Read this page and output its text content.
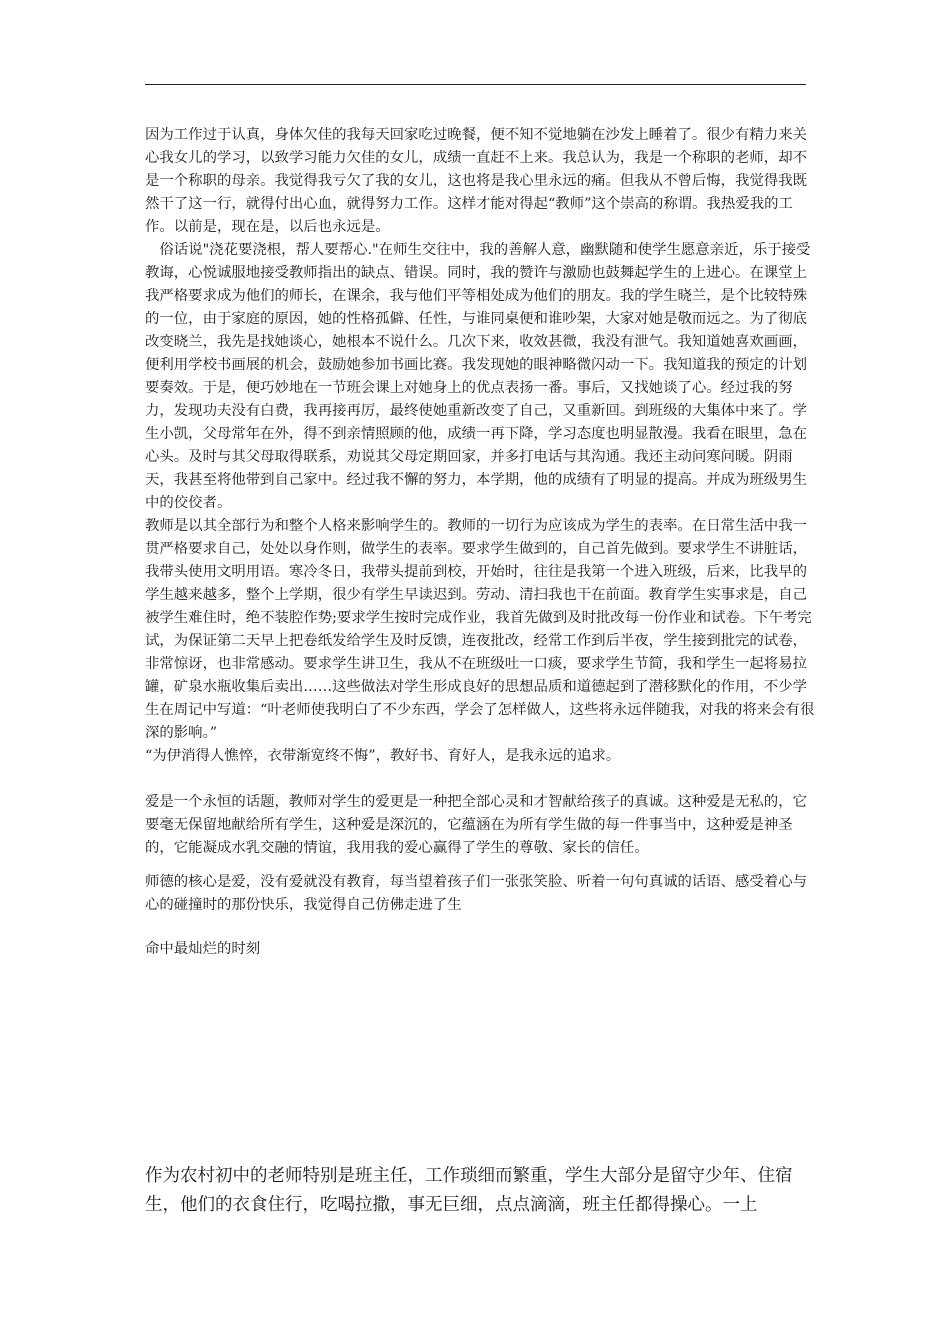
因为工作过于认真，身体欠佳的我每天回家吃过晚餐，便不知不觉地躺在沙发上睡着了。很少有精力来关心我女儿的学习，以致学习能力欠佳的女儿，成绩一直赶不上来。我总认为，我是一个称职的老师，却不是一个称职的母亲。我觉得我亏欠了我的女儿，这也将是我心里永远的痛。但我从不曾后悔，我觉得我既然干了这一行，就得付出心血，就得努力工作。这样才能对得起“教师”这个崇高的称谓。我热爱我的工作。以前是，现在是，以后也永远是。

俗话说"浇花要浇根，帮人要帮心."在师生交往中，我的善解人意，幽默随和使学生愿意亲近，乐于接受教诲，心悦诚服地接受教师指出的缺点、错误。同时，我的赞许与激励也鼓舞起学生的上进心。在课堂上我严格要求成为他们的师长，在课余，我与他们平等相处成为他们的朋友。我的学生晓兰，是个比较特殊的一位，由于家庭的原因，她的性格孤僻、任性，与谁同桌便和谁吵架，大家对她是敬而远之。为了彻底改变晓兰，我先是找她谈心，她根本不说什么。几次下来，收效甚微，我没有泄气。我知道她喜欢画画，便利用学校书画展的机会，鼓励她参加书画比赛。我发现她的眼神略微闪动一下。我知道我的预定的计划要奏效。于是，便巧妙地在一节班会课上对她身上的优点表扬一番。事后，又找她谈了心。经过我的努力，发现功夫没有白费，我再接再厉，最终使她重新改变了自己，又重新回。到班级的大集体中来了。学生小凯，父母常年在外，得不到亲情照顾的他，成绩一再下降，学习态度也明显散漫。我看在眼里，急在心头。及时与其父母取得联系，劝说其父母定期回家，并多打电话与其沟通。我还主动问寒问暖。阴雨天，我甚至将他带到自己家中。经过我不懈的努力，本学期，他的成绩有了明显的提高。并成为班级男生中的佼佼者。

教师是以其全部行为和整个人格来影响学生的。教师的一切行为应该成为学生的表率。在日常生活中我一贯严格要求自己，处处以身作则，做学生的表率。要求学生做到的，自己首先做到。要求学生不讲脏话，我带头使用文明用语。寒冷冬日，我带头提前到校，开始时，往往是我第一个进入班级，后来，比我早的学生越来越多，整个上学期，很少有学生早读迟到。劳动、清扫我也干在前面。教育学生实事求是，自己被学生难住时，绝不装腔作势;要求学生按时完成作业，我首先做到及时批改每一份作业和试卷。下午考完试，为保证第二天早上把卷纸发给学生及时反馈，连夜批改，经常工作到后半夜，学生接到批完的试卷，非常惊讶，也非常感动。要求学生讲卫生，我从不在班级吐一口痰，要求学生节简，我和学生一起将易拉罐，矿泉水瓶收集后卖出……这些做法对学生形成良好的思想品质和道德起到了潜移默化的作用，不少学生在周记中写道：“叶老师使我明白了不少东西，学会了怎样做人，这些将永远伴随我，对我的将来会有很深的影响。”

“为伊消得人憔悴，衣带渐宽终不悔”，教好书、育好人，是我永远的追求。

爱是一个永恒的话题，教师对学生的爱更是一种把全部心灵和才智献给孩子的真诚。这种爱是无私的，它要毫无保留地献给所有学生，这种爱是深沉的，它蕴涵在为所有学生做的每一件事当中，这种爱是神圣的，它能凝成水乳交融的情谊，我用我的爱心赢得了学生的尊敬、家长的信任。

师德的核心是爱，没有爱就没有教育，每当望着孩子们一张张笑脸、听着一句句真诚的话语、感受着心与心的碰撞时的那份快乐，我觉得自己仿佛走进了生

命中最灿烂的时刻

作为农村初中的老师特别是班主任，工作琐细而繁重，学生大部分是留守少年、住宿生，他们的衣食住行，吃喝拉撒，事无巨细，点点滴滴，班主任都得操心。一上
